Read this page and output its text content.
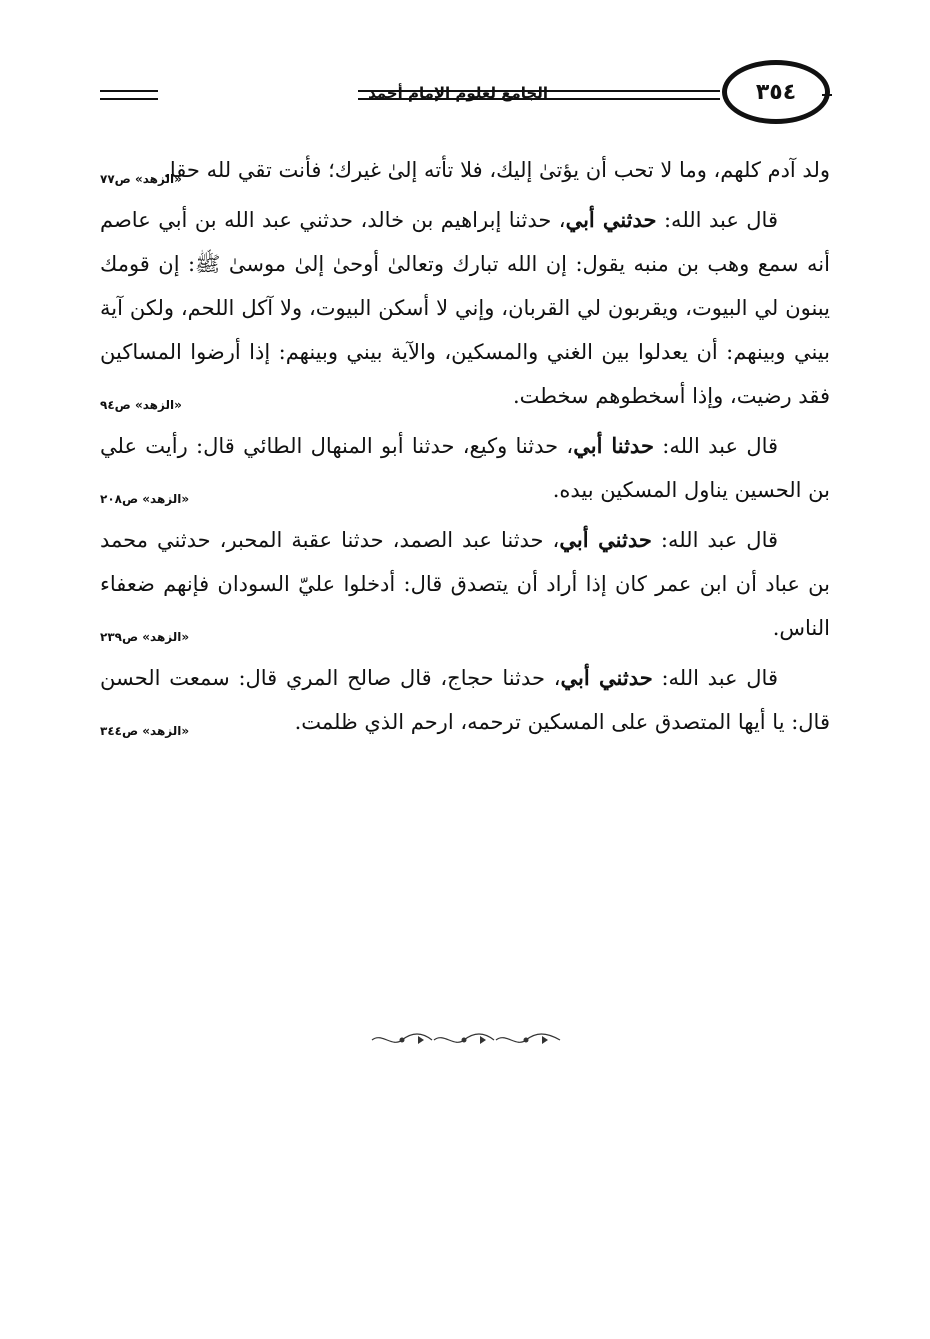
الجامع لعلوم الإمام أحمد	٣٥٤

ولد آدم كلهم، وما لا تحب أن يؤتىٰ إليك، فلا تأته إلىٰ غيرك؛ فأنت تقي لله حقا.
«الزهد» ص٧٧

قال عبد الله: حدثني أبي، حدثنا إبراهيم بن خالد، حدثني عبد الله بن أبي عاصم أنه سمع وهب بن منبه يقول: إن الله تبارك وتعالىٰ أوحىٰ إلىٰ موسىٰ ﷺ: إن قومك يبنون لي البيوت، ويقربون لي القربان، وإني لا أسكن البيوت، ولا آكل اللحم، ولكن آية بيني وبينهم: أن يعدلوا بين الغني والمسكين، والآية بيني وبينهم: إذا أرضوا المساكين فقد رضيت، وإذا أسخطوهم سخطت.
«الزهد» ص٩٤

قال عبد الله: حدثنا أبي، حدثنا وكيع، حدثنا أبو المنهال الطائي قال: رأيت علي بن الحسين يناول المسكين بيده.
«الزهد» ص٢٠٨

قال عبد الله: حدثني أبي، حدثنا عبد الصمد، حدثنا عقبة المحبر، حدثني محمد بن عباد أن ابن عمر كان إذا أراد أن يتصدق قال: أدخلوا عليّ السودان فإنهم ضعفاء الناس.
«الزهد» ص٢٣٩

قال عبد الله: حدثني أبي، حدثنا حجاج، قال صالح المري قال: سمعت الحسن قال: يا أيها المتصدق على المسكين ترحمه، ارحم الذي ظلمت.
«الزهد» ص٣٤٤
